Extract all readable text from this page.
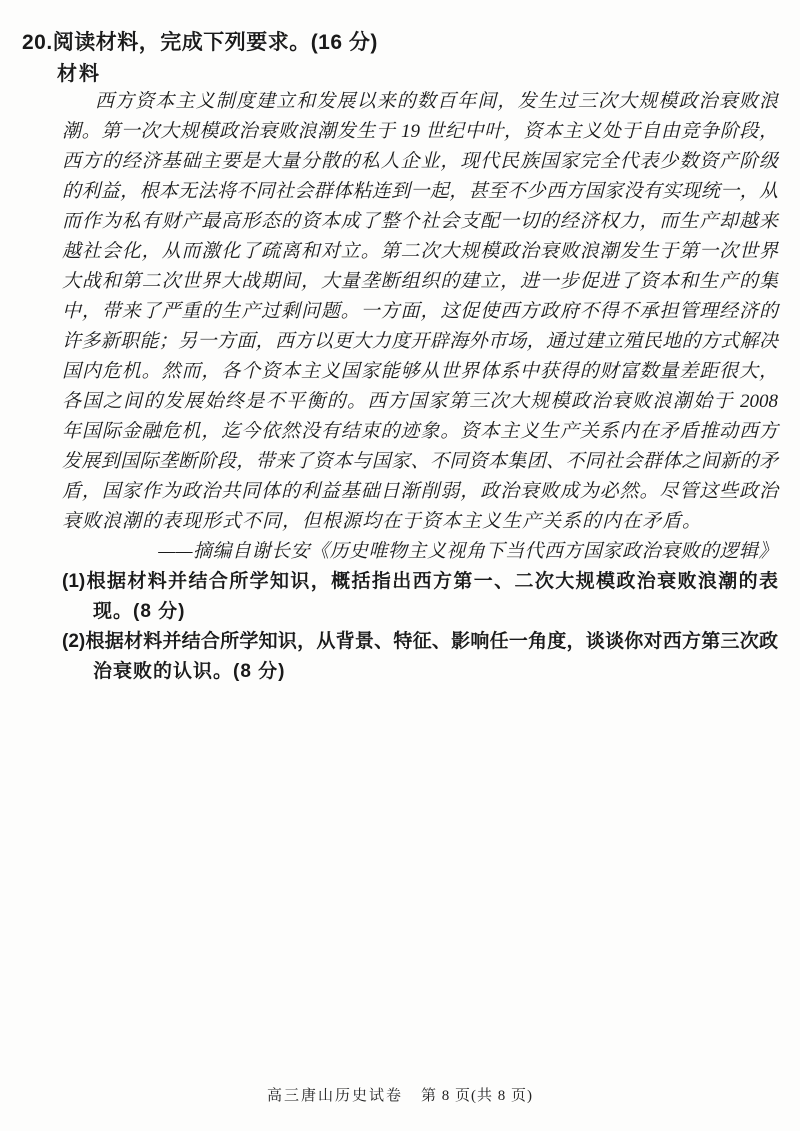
20.阅读材料，完成下列要求。(16 分)
材料
西方资本主义制度建立和发展以来的数百年间，发生过三次大规模政治衰败浪
潮。第一次大规模政治衰败浪潮发生于 19 世纪中叶，资本主义处于自由竞争阶段，
西方的经济基础主要是大量分散的私人企业，现代民族国家完全代表少数资产阶级
的利益，根本无法将不同社会群体粘连到一起，甚至不少西方国家没有实现统一，从
而作为私有财产最高形态的资本成了整个社会支配一切的经济权力，而生产却越来
越社会化，从而激化了疏离和对立。第二次大规模政治衰败浪潮发生于第一次世界
大战和第二次世界大战期间，大量垄断组织的建立，进一步促进了资本和生产的集
中，带来了严重的生产过剩问题。一方面，这促使西方政府不得不承担管理经济的
许多新职能；另一方面，西方以更大力度开辟海外市场，通过建立殖民地的方式解决
国内危机。然而，各个资本主义国家能够从世界体系中获得的财富数量差距很大，
各国之间的发展始终是不平衡的。西方国家第三次大规模政治衰败浪潮始于 2008
年国际金融危机，迄今依然没有结束的迹象。资本主义生产关系内在矛盾推动西方
发展到国际垄断阶段，带来了资本与国家、不同资本集团、不同社会群体之间新的矛
盾，国家作为政治共同体的利益基础日渐削弱，政治衰败成为必然。尽管这些政治
衰败浪潮的表现形式不同，但根源均在于资本主义生产关系的内在矛盾。
——摘编自谢长安《历史唯物主义视角下当代西方国家政治衰败的逻辑》
(1)根据材料并结合所学知识，概括指出西方第一、二次大规模政治衰败浪潮的表
现。(8 分)
(2)根据材料并结合所学知识，从背景、特征、影响任一角度，谈谈你对西方第三次政
治衰败的认识。(8 分)
高三唐山历史试卷 第 8 页(共 8 页)
